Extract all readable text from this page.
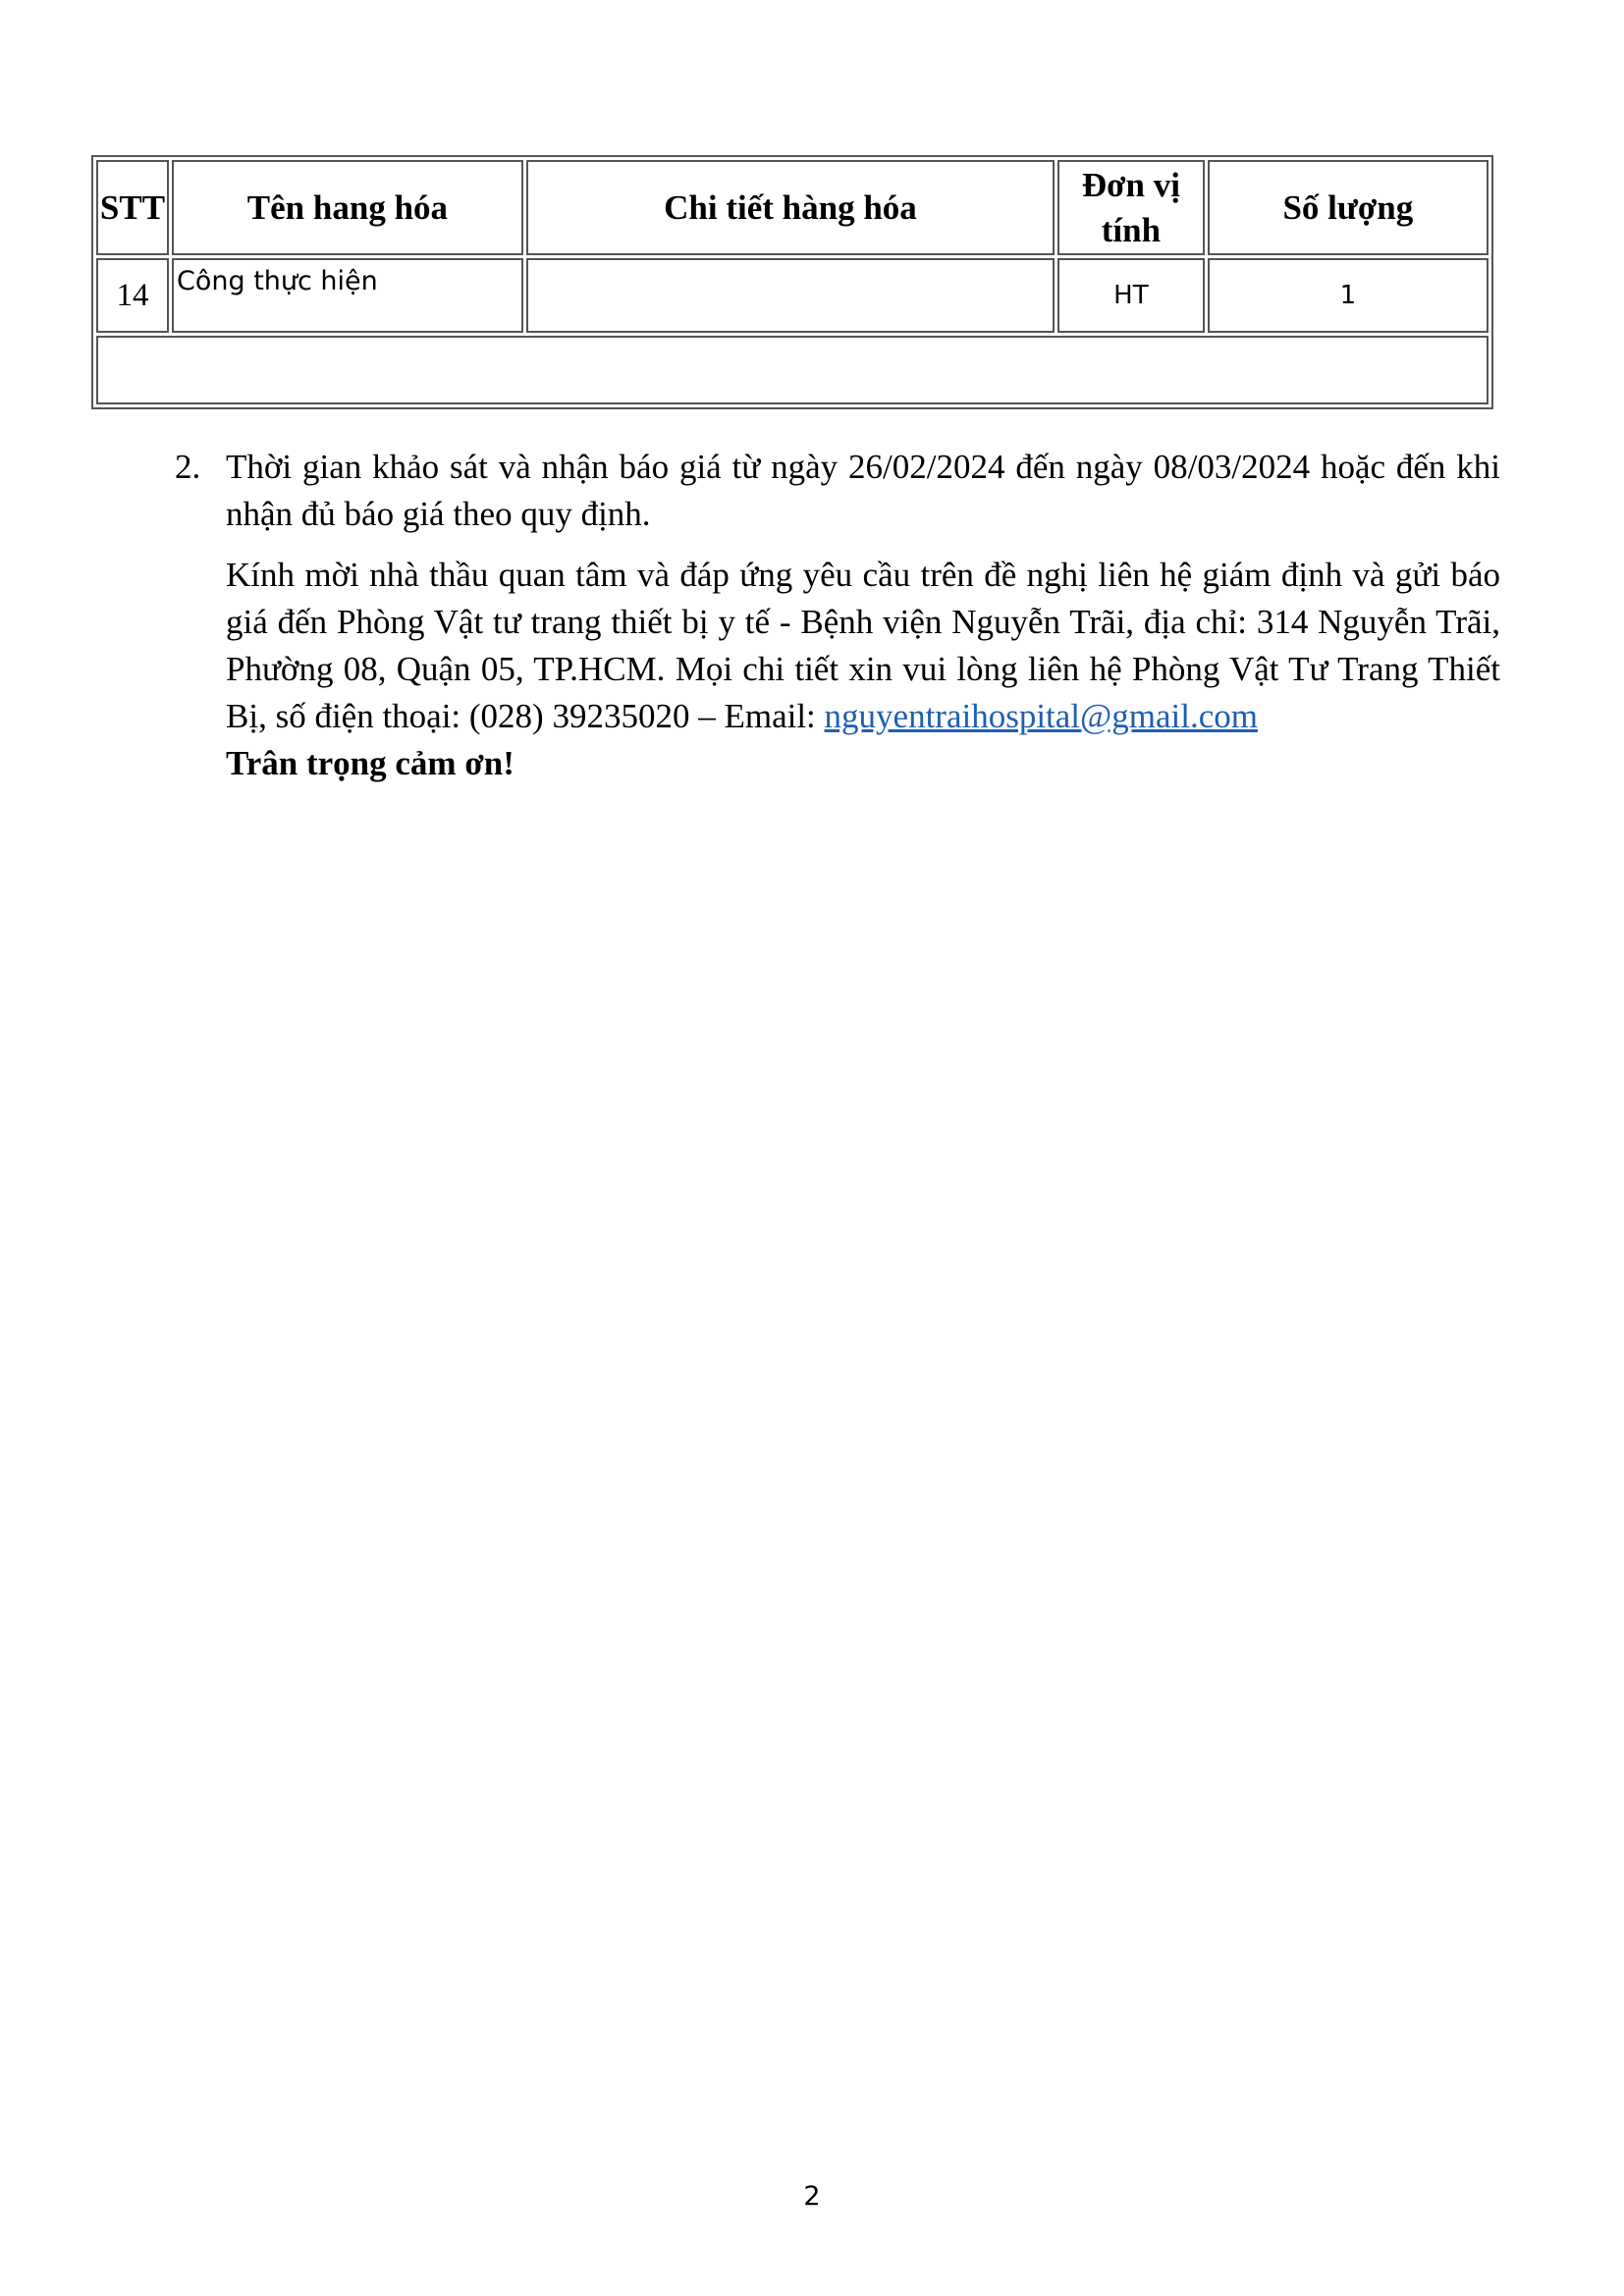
STT	Tên hang hóa	Chi tiết hàng hóa	Đơn vị tính	Số lượng
14	Công thực hiện		HT	1

2. Thời gian khảo sát và nhận báo giá từ ngày 26/02/2024 đến ngày 08/03/2024 hoặc đến khi nhận đủ báo giá theo quy định.
Kính mời nhà thầu quan tâm và đáp ứng yêu cầu trên đề nghị liên hệ giám định và gửi báo giá đến Phòng Vật tư trang thiết bị y tế - Bệnh viện Nguyễn Trãi, địa chỉ: 314 Nguyễn Trãi, Phường 08, Quận 05, TP.HCM. Mọi chi tiết xin vui lòng liên hệ Phòng Vật Tư Trang Thiết Bị, số điện thoại: (028) 39235020 – Email: nguyentraihospital@gmail.com
Trân trọng cảm ơn!
2
